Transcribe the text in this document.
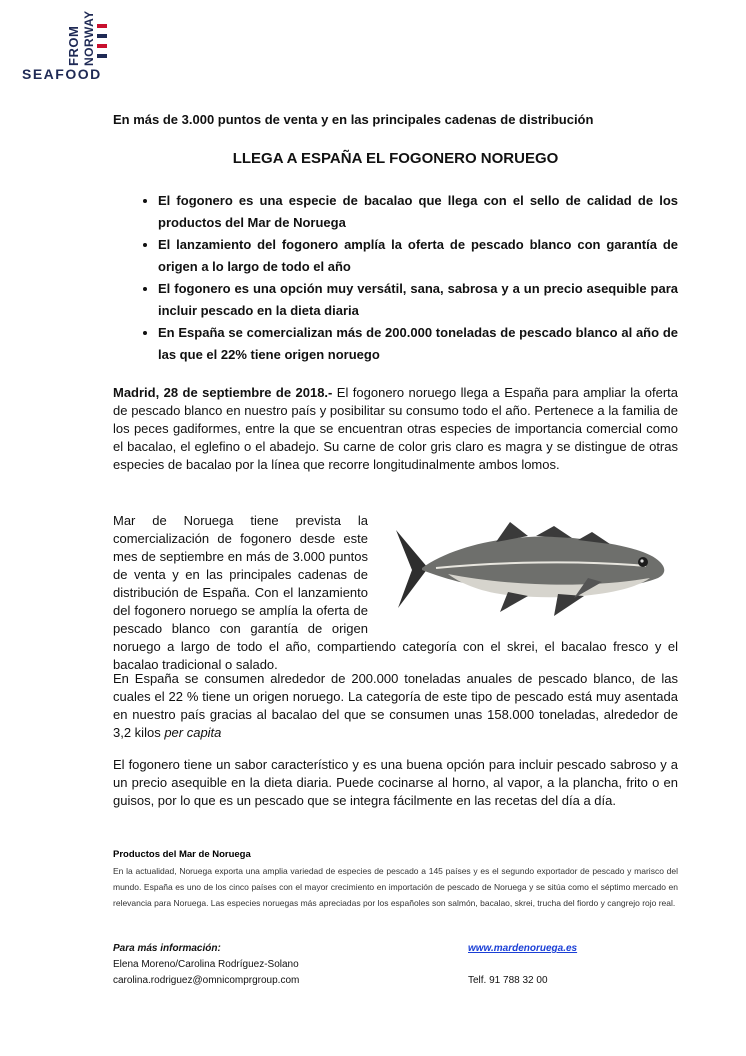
FROM NORWAY
SEAFOOD
En más de 3.000 puntos de venta y en las principales cadenas de distribución
LLEGA A ESPAÑA EL FOGONERO NORUEGO
• El fogonero es una especie de bacalao que llega con el sello de calidad de los productos del Mar de Noruega
• El lanzamiento del fogonero amplía la oferta de pescado blanco con garantía de origen a lo largo de todo el año
• El fogonero es una opción muy versátil, sana, sabrosa y a un precio asequible para incluir pescado en la dieta diaria
• En España se comercializan más de 200.000 toneladas de pescado blanco al año de las que el 22% tiene origen noruego
Madrid, 28 de septiembre de 2018.- El fogonero noruego llega a España para ampliar la oferta de pescado blanco en nuestro país y posibilitar su consumo todo el año. Pertenece a la familia de los peces gadiformes, entre la que se encuentran otras especies de importancia comercial como el bacalao, el eglefino o el abadejo. Su carne de color gris claro es magra y se distingue de otras especies de bacalao por la línea que recorre longitudinalmente ambos lomos.
Mar de Noruega tiene prevista la comercialización de fogonero desde este mes de septiembre en más de 3.000 puntos de venta y en las principales cadenas de distribución de España. Con el lanzamiento del fogonero noruego se amplía la oferta de pescado blanco con garantía de origen noruego a largo de todo el año, compartiendo categoría con el skrei, el bacalao fresco y el bacalao tradicional o salado.
En España se consumen alrededor de 200.000 toneladas anuales de pescado blanco, de las cuales el 22 % tiene un origen noruego. La categoría de este tipo de pescado está muy asentada en nuestro país gracias al bacalao del que se consumen unas 158.000 toneladas, alrededor de 3,2 kilos per capita
El fogonero tiene un sabor característico y es una buena opción para incluir pescado sabroso y a un precio asequible en la dieta diaria. Puede cocinarse al horno, al vapor, a la plancha, frito o en guisos, por lo que es un pescado que se integra fácilmente en las recetas del día a día.
Productos del Mar de Noruega
En la actualidad, Noruega exporta una amplia variedad de especies de pescado a 145 países y es el segundo exportador de pescado y marisco del mundo. España es uno de los cinco países con el mayor crecimiento en importación de pescado de Noruega y se sitúa como el séptimo mercado en relevancia para Noruega. Las especies noruegas más apreciadas por los españoles son salmón, bacalao, skrei, trucha del fiordo y cangrejo rojo real.
Para más información:
Elena Moreno/Carolina Rodríguez-Solano
carolina.rodriguez@omnicomprgroup.com
www.mardenoruega.es
Telf. 91 788 32 00
